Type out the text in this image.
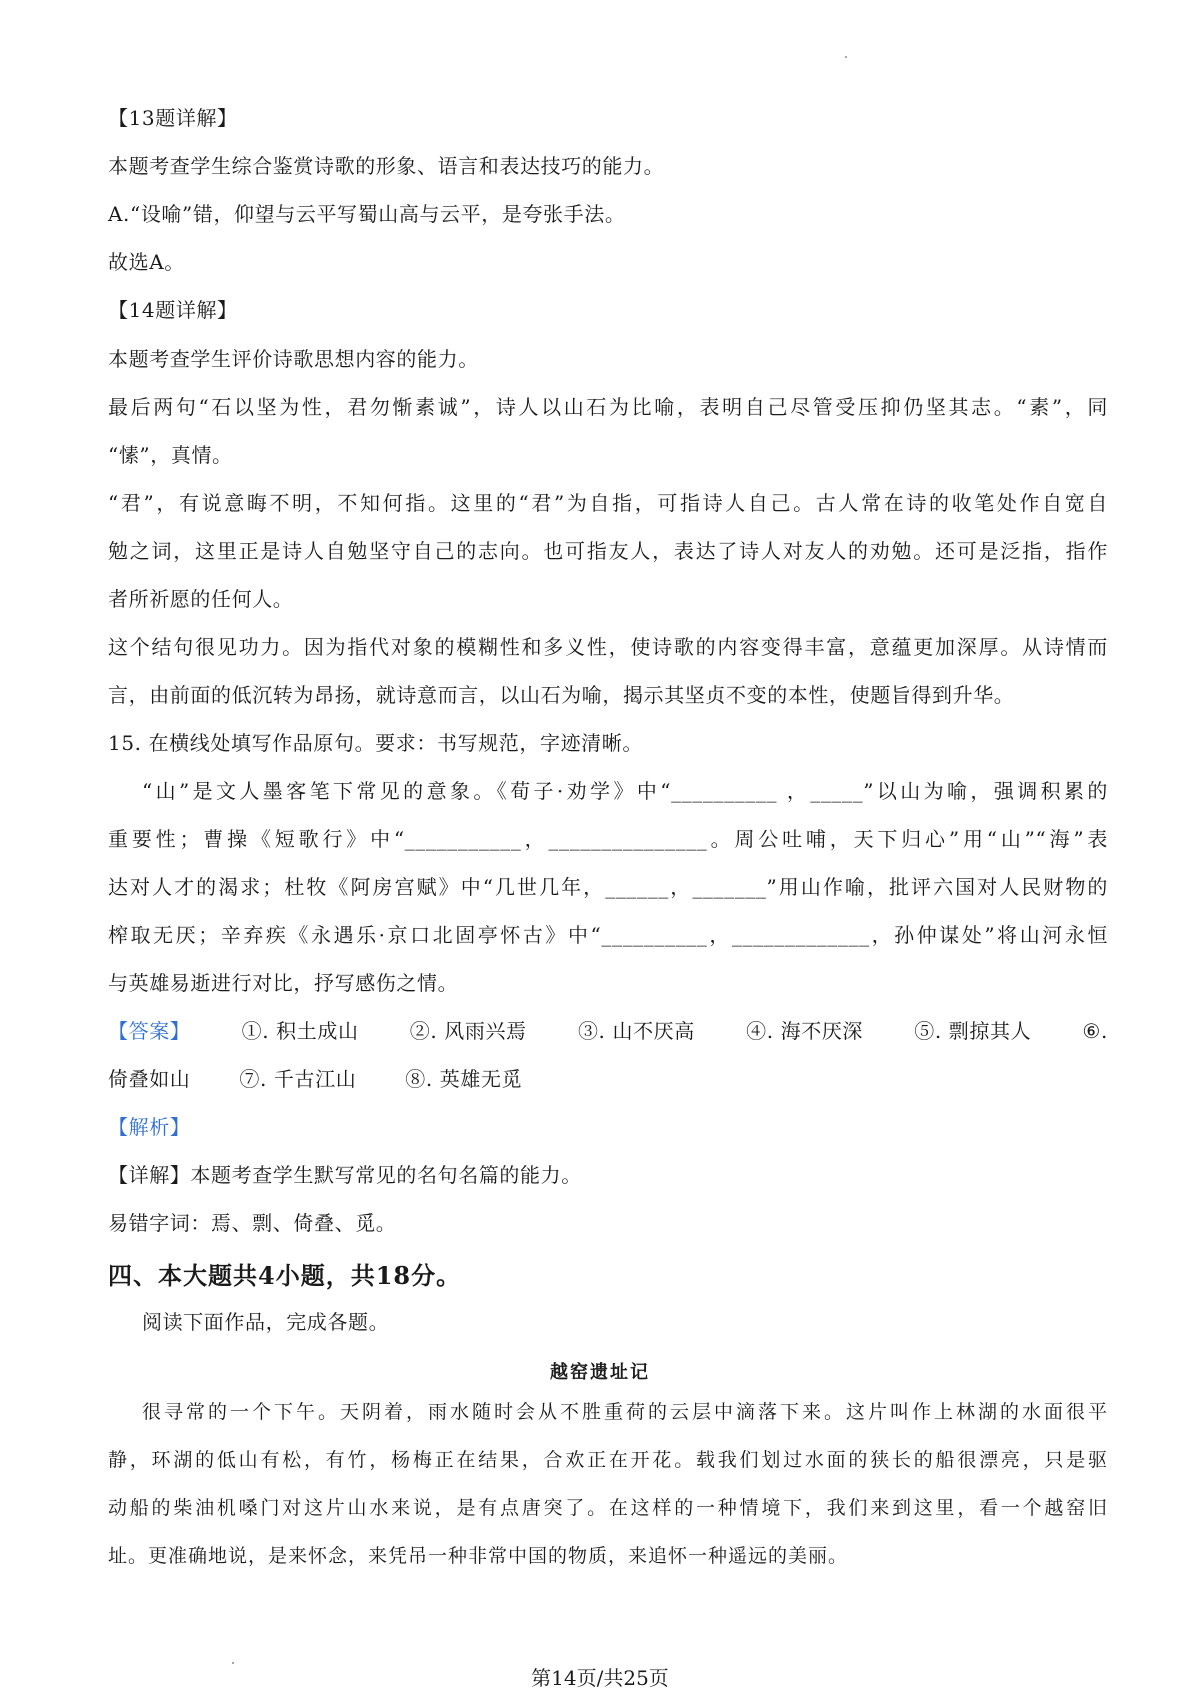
【13题详解】
本题考查学生综合鉴赏诗歌的形象、语言和表达技巧的能力。
A.“设喻”错，仰望与云平写蜀山高与云平，是夸张手法。
故选A。
【14题详解】
本题考查学生评价诗歌思想内容的能力。
最后两句“石以坚为性，君勿惭素诚”，诗人以山石为比喻，表明自己尽管受压抑仍坚其志。“素”，同
“愫”，真情。
“君”，有说意晦不明，不知何指。这里的“君”为自指，可指诗人自己。古人常在诗的收笔处作自宽自
勉之词，这里正是诗人自勉坚守自己的志向。也可指友人，表达了诗人对友人的劝勉。还可是泛指，指作
者所祈愿的任何人。
这个结句很见功力。因为指代对象的模糊性和多义性，使诗歌的内容变得丰富，意蕴更加深厚。从诗情而
言，由前面的低沉转为昂扬，就诗意而言，以山石为喻，揭示其坚贞不变的本性，使题旨得到升华。
15. 在横线处填写作品原句。要求：书写规范，字迹清晰。
“山”是文人墨客笔下常见的意象。《荀子·劝学》中“__________ ，_____”以山为喻，强调积累的
重要性；曹操《短歌行》中“___________，_______________。周公吐哺，天下归心”用“山”“海”表
达对人才的渴求；杜牧《阿房宫赋》中“几世几年，______，_______”用山作喻，批评六国对人民财物的
榨取无厌；辛弃疾《永遇乐·京口北固亭怀古》中“__________，_____________，孙仲谋处”将山河永恒
与英雄易逝进行对比，抒写感伤之情。
【答案】	①. 积土成山	②. 风雨兴焉	③. 山不厌高	④. 海不厌深	⑤. 剽掠其人	⑥.
倚叠如山 ⑦. 千古江山 ⑧. 英雄无觅
【解析】
【详解】本题考查学生默写常见的名句名篇的能力。
易错字词：焉、剽、倚叠、觅。
四、本大题共4小题，共18分。
阅读下面作品，完成各题。
越窑遗址记
很寻常的一个下午。天阴着，雨水随时会从不胜重荷的云层中滴落下来。这片叫作上林湖的水面很平
静，环湖的低山有松，有竹，杨梅正在结果，合欢正在开花。载我们划过水面的狭长的船很漂亮，只是驱
动船的柴油机嗓门对这片山水来说，是有点唐突了。在这样的一种情境下，我们来到这里，看一个越窑旧
址。更准确地说，是来怀念，来凭吊一种非常中国的物质，来追怀一种遥远的美丽。
第14页/共25页
